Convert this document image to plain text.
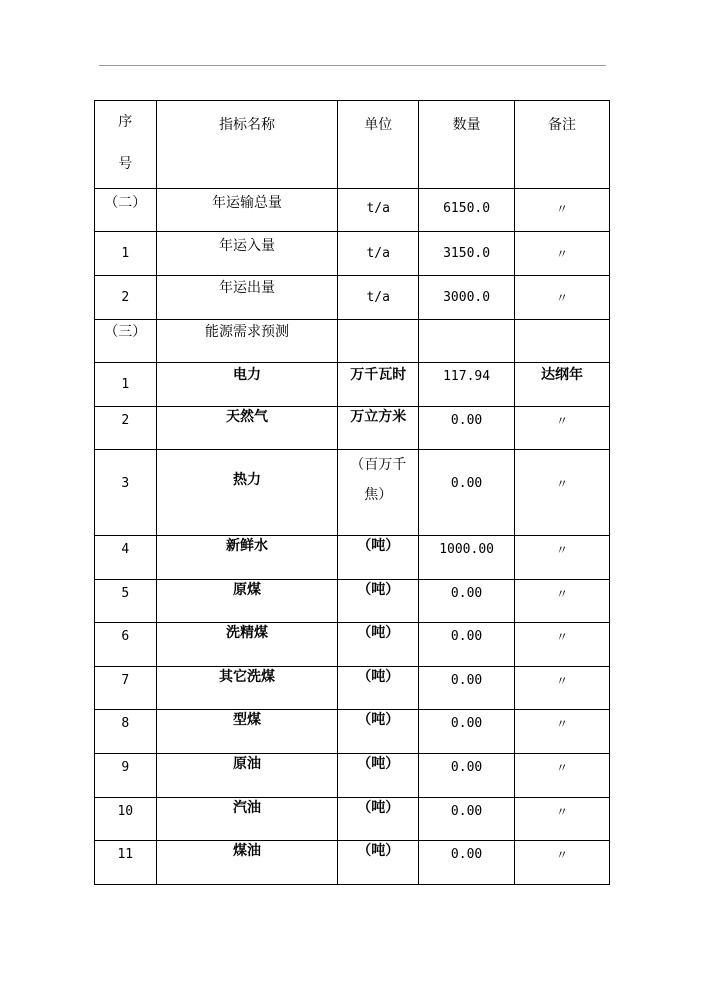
序
号	指标名称	单位	数量	备注

（二）	年运输总量	t/a	6150.0	〃

1	年运入量	t/a	3150.0	〃

2	年运出量	t/a	3000.0	〃

（三）	能源需求预测			

1	电力	万千瓦时	117.94	达纲年

2	天然气	万立方米	0.00	〃

3	热力	（百万千
焦）	0.00	〃

4	新鲜水	（吨）	1000.00	〃

5	原煤	（吨）	0.00	〃

6	洗精煤	（吨）	0.00	〃

7	其它洗煤	（吨）	0.00	〃

8	型煤	（吨）	0.00	〃

9	原油	（吨）	0.00	〃

10	汽油	（吨）	0.00	〃

11	煤油	（吨）	0.00	〃
